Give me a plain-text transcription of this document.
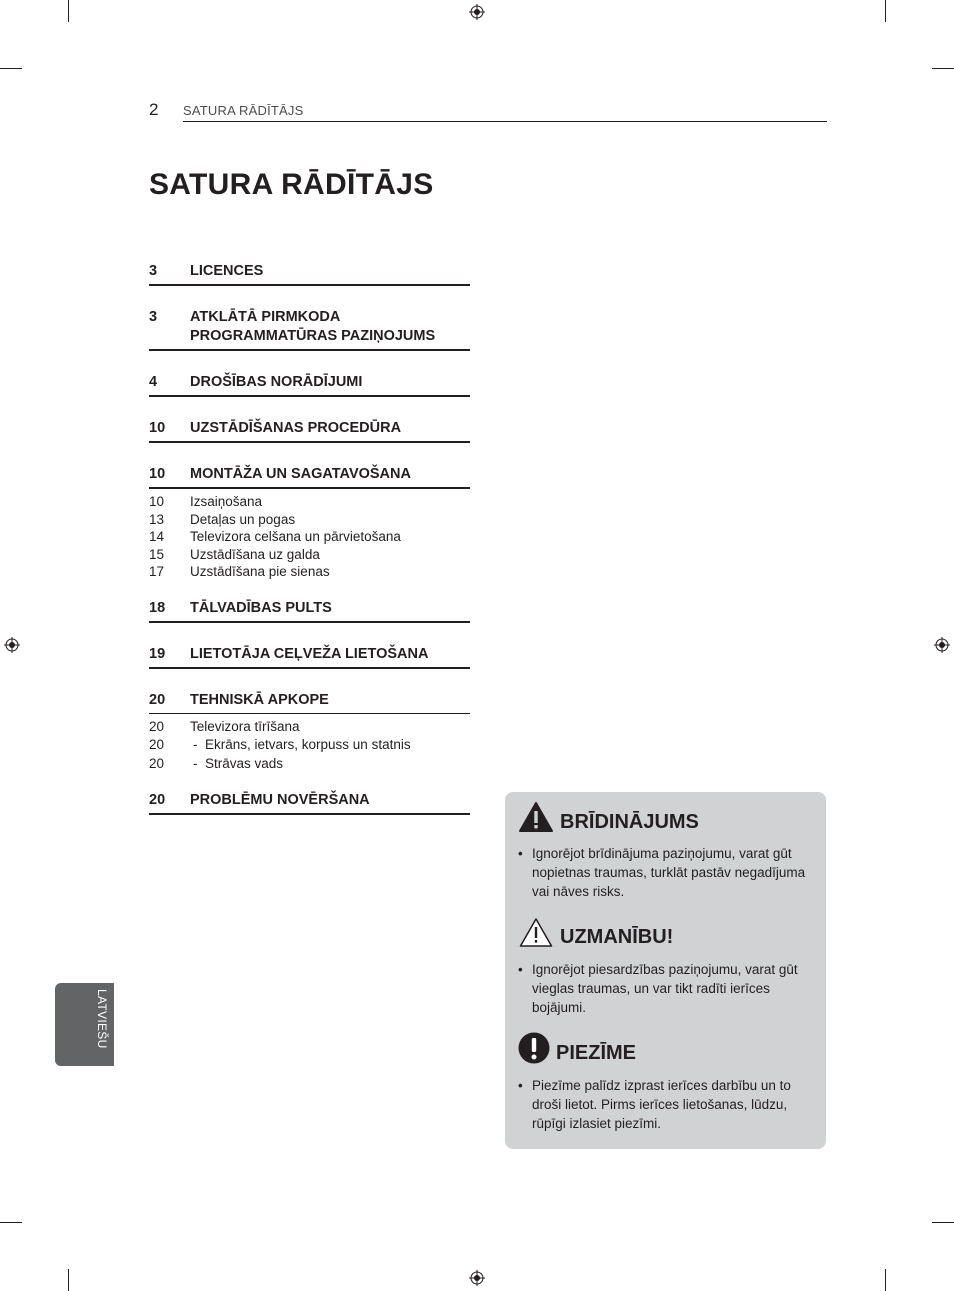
2 SATURA RĀDĪTĀJS
SATURA RĀDĪTĀJS
3	LICENCES
3	ATKLĀTĀ PIRMKODA PROGRAMMATŪRAS PAZIŅOJUMS
4	DROŠĪBAS NORĀDĪJUMI
10	UZSTĀDĪŠANAS PROCEDŪRA
10	MONTĀŽA UN SAGATAVOŠANA
10	Izsaiņošana
13	Detaļas un pogas
14	Televizora celšana un pārvietošana
15	Uzstādīšana uz galda
17	Uzstādīšana pie sienas
18	TĀLVADĪBAS PULTS
19	LIETOTĀJA CEĻVEŽA LIETOŠANA
20	TEHNISKĀ APKOPE
20	Televizora tīrīšana
20	- Ekrāns, ietvars, korpuss un statnis
20	- Strāvas vads
20	PROBLĒMU NOVĒRŠANA
LATVIEŠU
BRĪDINĀJUMS
• Ignorējot brīdinājuma paziņojumu, varat gūt nopietnas traumas, turklāt pastāv negadījuma vai nāves risks.
UZMANĪBU!
• Ignorējot piesardzības paziņojumu, varat gūt vieglas traumas, un var tikt radīti ierīces bojājumi.
PIEZĪME
• Piezīme palīdz izprast ierīces darbību un to droši lietot. Pirms ierīces lietošanas, lūdzu, rūpīgi izlasiet piezīmi.
